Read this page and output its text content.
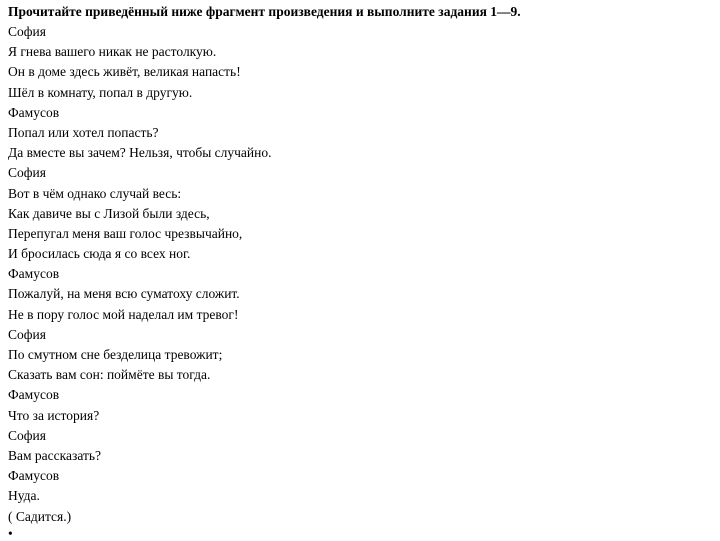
Прочитайте приведённый ниже фрагмент произведения и выполните задания 1—9.
София
Я гнева вашего никак не растолкую.
Он в доме здесь живёт, великая напасть!
Шёл в комнату, попал в другую.
Фамусов
Попал или хотел попасть?
Да вместе вы зачем? Нельзя, чтобы случайно.
София
Вот в чём однако случай весь:
Как давиче вы с Лизой были здесь,
Перепугал меня ваш голос чрезвычайно,
И бросилась сюда я со всех ног.
Фамусов
Пожалуй, на меня всю суматоху сложит.
Не в пору голос мой наделал им тревог!
София
По смутном сне безделица тревожит;
Сказать вам сон: поймёте вы тогда.
Фамусов
Что за история?
София
Вам рассказать?
Фамусов
Нуда.
( Садится.)
•
